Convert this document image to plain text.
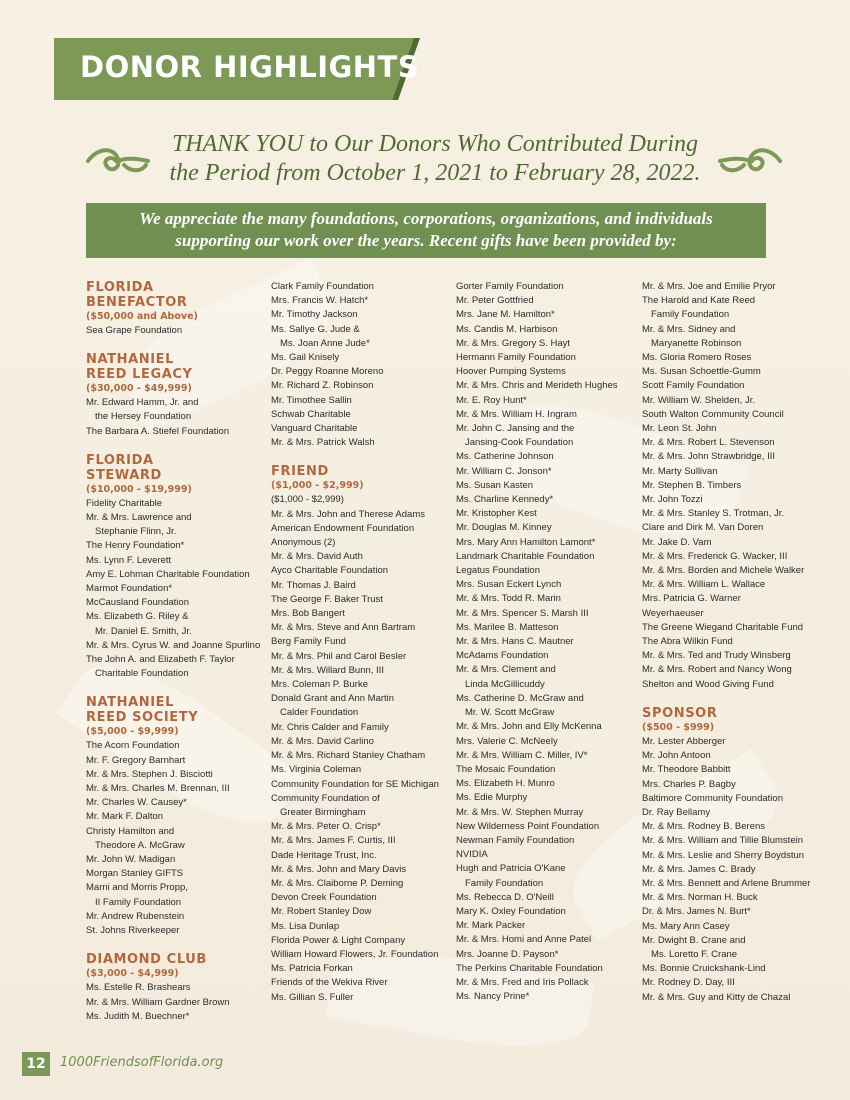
DONOR HIGHLIGHTS
THANK YOU to Our Donors Who Contributed During
the Period from October 1, 2021 to February 28, 2022.
We appreciate the many foundations, corporations, organizations, and individuals
supporting our work over the years. Recent gifts have been provided by:
FLORIDA BENEFACTOR
($50,000 and Above)
Sea Grape Foundation
NATHANIEL REED LEGACY
($30,000 - $49,999)
Mr. Edward Hamm, Jr. and
the Hersey Foundation
The Barbara A. Stiefel Foundation
FLORIDA STEWARD
($10,000 - $19,999)
Fidelity Charitable
Mr. & Mrs. Lawrence and
Stephanie Flinn, Jr.
The Henry Foundation*
Ms. Lynn F. Leverett
Amy E. Lohman Charitable Foundation
Marmot Foundation*
McCausland Foundation
Ms. Elizabeth G. Riley &
Mr. Daniel E. Smith, Jr.
Mr. & Mrs. Cyrus W. and Joanne Spurlino
The John A. and Elizabeth F. Taylor
Charitable Foundation
NATHANIEL REED SOCIETY
($5,000 - $9,999)
The Acorn Foundation
Mr. F. Gregory Barnhart
Mr. & Mrs. Stephen J. Bisciotti
Mr. & Mrs. Charles M. Brennan, III
Mr. Charles W. Causey*
Mr. Mark F. Dalton
Christy Hamilton and
Theodore A. McGraw
Mr. John W. Madigan
Morgan Stanley GIFTS
Marni and Morris Propp,
II Family Foundation
Mr. Andrew Rubenstein
St. Johns Riverkeeper
DIAMOND CLUB
($3,000 - $4,999)
Ms. Estelle R. Brashears
Mr. & Mrs. William Gardner Brown
Ms. Judith M. Buechner*
Clark Family Foundation
Mrs. Francis W. Hatch*
Mr. Timothy Jackson
Ms. Sallye G. Jude &
Ms. Joan Anne Jude*
Ms. Gail Knisely
Dr. Peggy Roanne Moreno
Mr. Richard Z. Robinson
Mr. Timothee Sallin
Schwab Charitable
Vanguard Charitable
Mr. & Mrs. Patrick Walsh
FRIEND
($1,000 - $2,999)
($1,000 - $2,999)
Mr. & Mrs. John and Therese Adams
American Endowment Foundation
Anonymous (2)
Mr. & Mrs. David Auth
Ayco Charitable Foundation
Mr. Thomas J. Baird
The George F. Baker Trust
Mrs. Bob Bangert
Mr. & Mrs. Steve and Ann Bartram
Berg Family Fund
Mr. & Mrs. Phil and Carol Besler
Mr. & Mrs. Willard Bunn, III
Mrs. Coleman P. Burke
Donald Grant and Ann Martin
Calder Foundation
Mr. Chris Calder and Family
Mr. & Mrs. David Carlino
Mr. & Mrs. Richard Stanley Chatham
Ms. Virginia Coleman
Community Foundation for SE Michigan
Community Foundation of
Greater Birmingham
Mr. & Mrs. Peter O. Crisp*
Mr. & Mrs. James F. Curtis, III
Dade Heritage Trust, Inc.
Mr. & Mrs. John and Mary Davis
Mr. & Mrs. Claiborne P. Deming
Devon Creek Foundation
Mr. Robert Stanley Dow
Ms. Lisa Dunlap
Florida Power & Light Company
William Howard Flowers, Jr. Foundation
Ms. Patricia Forkan
Friends of the Wekiva River
Ms. Gillian S. Fuller
Gorter Family Foundation
Mr. Peter Gottfried
Mrs. Jane M. Hamilton*
Ms. Candis M. Harbison
Mr. & Mrs. Gregory S. Hayt
Hermann Family Foundation
Hoover Pumping Systems
Mr. & Mrs. Chris and Merideth Hughes
Mr. E. Roy Hunt*
Mr. & Mrs. William H. Ingram
Mr. John C. Jansing and the
Jansing-Cook Foundation
Ms. Catherine Johnson
Mr. William C. Jonson*
Ms. Susan Kasten
Ms. Charline Kennedy*
Mr. Kristopher Kest
Mr. Douglas M. Kinney
Mrs. Mary Ann Hamilton Lamont*
Landmark Charitable Foundation
Legatus Foundation
Mrs. Susan Eckert Lynch
Mr. & Mrs. Todd R. Marin
Mr. & Mrs. Spencer S. Marsh III
Ms. Marilee B. Matteson
Mr. & Mrs. Hans C. Mautner
McAdams Foundation
Mr. & Mrs. Clement and
Linda McGillicuddy
Ms. Catherine D. McGraw and
Mr. W. Scott McGraw
Mr. & Mrs. John and Elly McKenna
Mrs. Valerie C. McNeely
Mr. & Mrs. William C. Miller, IV*
The Mosaic Foundation
Ms. Elizabeth H. Munro
Ms. Edie Murphy
Mr. & Mrs. W. Stephen Murray
New Wilderness Point Foundation
Newman Family Foundation
NVIDIA
Hugh and Patricia O'Kane
Family Foundation
Ms. Rebecca D. O'Neill
Mary K. Oxley Foundation
Mr. Mark Packer
Mr. & Mrs. Homi and Anne Patel
Mrs. Joanne D. Payson*
The Perkins Charitable Foundation
Mr. & Mrs. Fred and Iris Pollack
Ms. Nancy Prine*
Mr. & Mrs. Joe and Emilie Pryor
The Harold and Kate Reed
Family Foundation
Mr. & Mrs. Sidney and
Maryanette Robinson
Ms. Gloria Romero Roses
Ms. Susan Schoettle-Gumm
Scott Family Foundation
Mr. William W. Shelden, Jr.
South Walton Community Council
Mr. Leon St. John
Mr. & Mrs. Robert L. Stevenson
Mr. & Mrs. John Strawbridge, III
Mr. Marty Sullivan
Mr. Stephen B. Timbers
Mr. John Tozzi
Mr. & Mrs. Stanley S. Trotman, Jr.
Clare and Dirk M. Van Doren
Mr. Jake D. Vam
Mr. & Mrs. Frederick G. Wacker, III
Mr. & Mrs. Borden and Michele Walker
Mr. & Mrs. William L. Wallace
Mrs. Patricia G. Warner
Weyerhaeuser
The Greene Wiegand Charitable Fund
The Abra Wilkin Fund
Mr. & Mrs. Ted and Trudy Winsberg
Mr. & Mrs. Robert and Nancy Wong
Shelton and Wood Giving Fund
SPONSOR
($500 - $999)
Mr. Lester Abberger
Mr. John Antoon
Mr. Theodore Babbitt
Mrs. Charles P. Bagby
Baltimore Community Foundation
Dr. Ray Bellamy
Mr. & Mrs. Rodney B. Berens
Mr. & Mrs. William and Tillie Blumstein
Mr. & Mrs. Leslie and Sherry Boydstun
Mr. & Mrs. James C. Brady
Mr. & Mrs. Bennett and Arlene Brummer
Mr. & Mrs. Norman H. Buck
Dr. & Mrs. James N. Burt*
Ms. Mary Ann Casey
Mr. Dwight B. Crane and
Ms. Loretto F. Crane
Ms. Bonnie Cruickshank-Lind
Mr. Rodney D. Day, III
Mr. & Mrs. Guy and Kitty de Chazal
12	1000FriendsofFlorida.org
